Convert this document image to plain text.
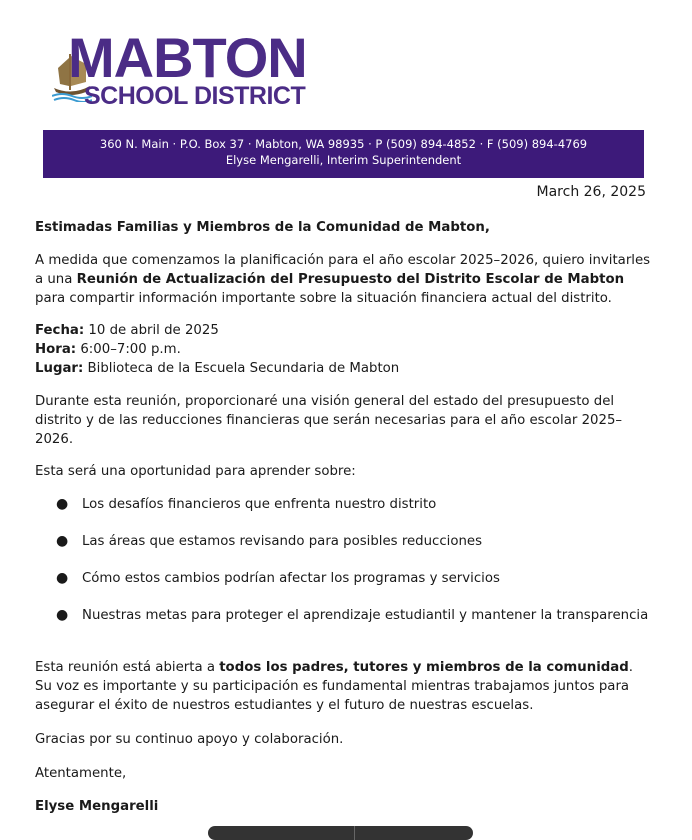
MABTON
SCHOOL DISTRICT
360 N. Main · P.O. Box 37 · Mabton, WA 98935 · P (509) 894-4852 · F (509) 894-4769
Elyse Mengarelli, Interim Superintendent
March 26, 2025
Estimadas Familias y Miembros de la Comunidad de Mabton,
A medida que comenzamos la planificación para el año escolar 2025–2026, quiero invitarles a una Reunión de Actualización del Presupuesto del Distrito Escolar de Mabton para compartir información importante sobre la situación financiera actual del distrito.
Fecha: 10 de abril de 2025
Hora: 6:00–7:00 p.m.
Lugar: Biblioteca de la Escuela Secundaria de Mabton
Durante esta reunión, proporcionaré una visión general del estado del presupuesto del distrito y de las reducciones financieras que serán necesarias para el año escolar 2025–2026.
Esta será una oportunidad para aprender sobre:
● Los desafíos financieros que enfrenta nuestro distrito
● Las áreas que estamos revisando para posibles reducciones
● Cómo estos cambios podrían afectar los programas y servicios
● Nuestras metas para proteger el aprendizaje estudiantil y mantener la transparencia
Esta reunión está abierta a todos los padres, tutores y miembros de la comunidad. Su voz es importante y su participación es fundamental mientras trabajamos juntos para asegurar el éxito de nuestros estudiantes y el futuro de nuestras escuelas.
Gracias por su continuo apoyo y colaboración.
Atentamente,
Elyse Mengarelli
